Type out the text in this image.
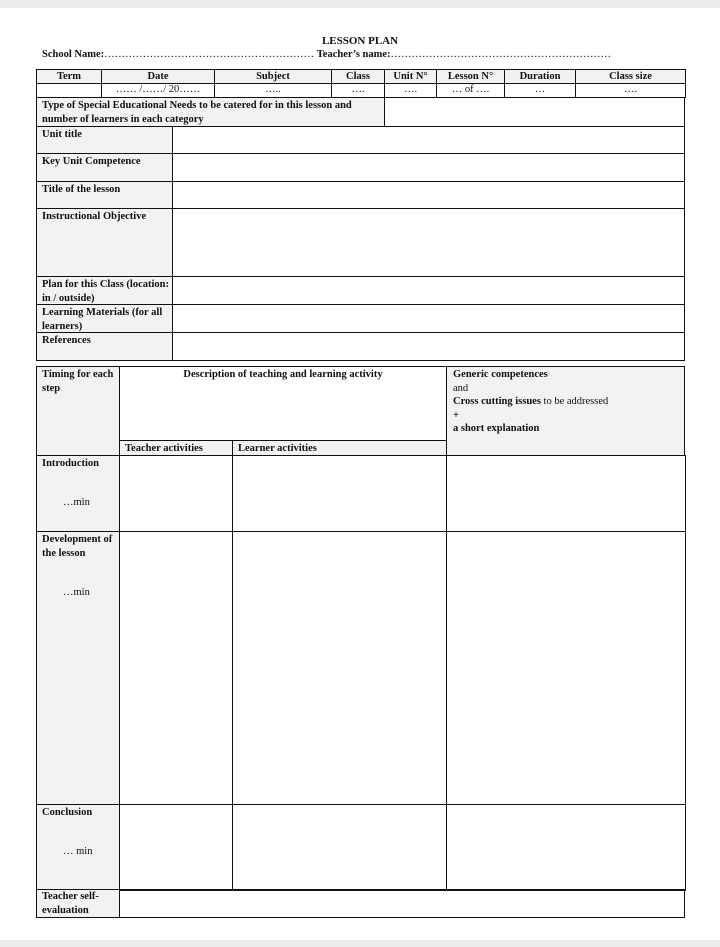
LESSON PLAN
School Name:…………………………………………………… Teacher’s name:………………………………………………………
Term	Date
…… /……/ 20……
Subject
…..
Class
….
Unit N°
….
Lesson N°
… of ….
Duration
…
Class size
….
Type of Special Educational Needs to be catered for in this lesson and number of learners in each category
Unit title
Key Unit Competence
Title of the lesson
Instructional Objective
Plan for this Class (location: in / outside)
Learning Materials (for all learners)
References
Timing for each step
Description of teaching and learning activity
Teacher activities	Learner activities
Generic competences
and
Cross cutting issues to be addressed
+
a short explanation
Introduction
…min
Development of the lesson
…min
Conclusion
… min
Teacher self-evaluation
